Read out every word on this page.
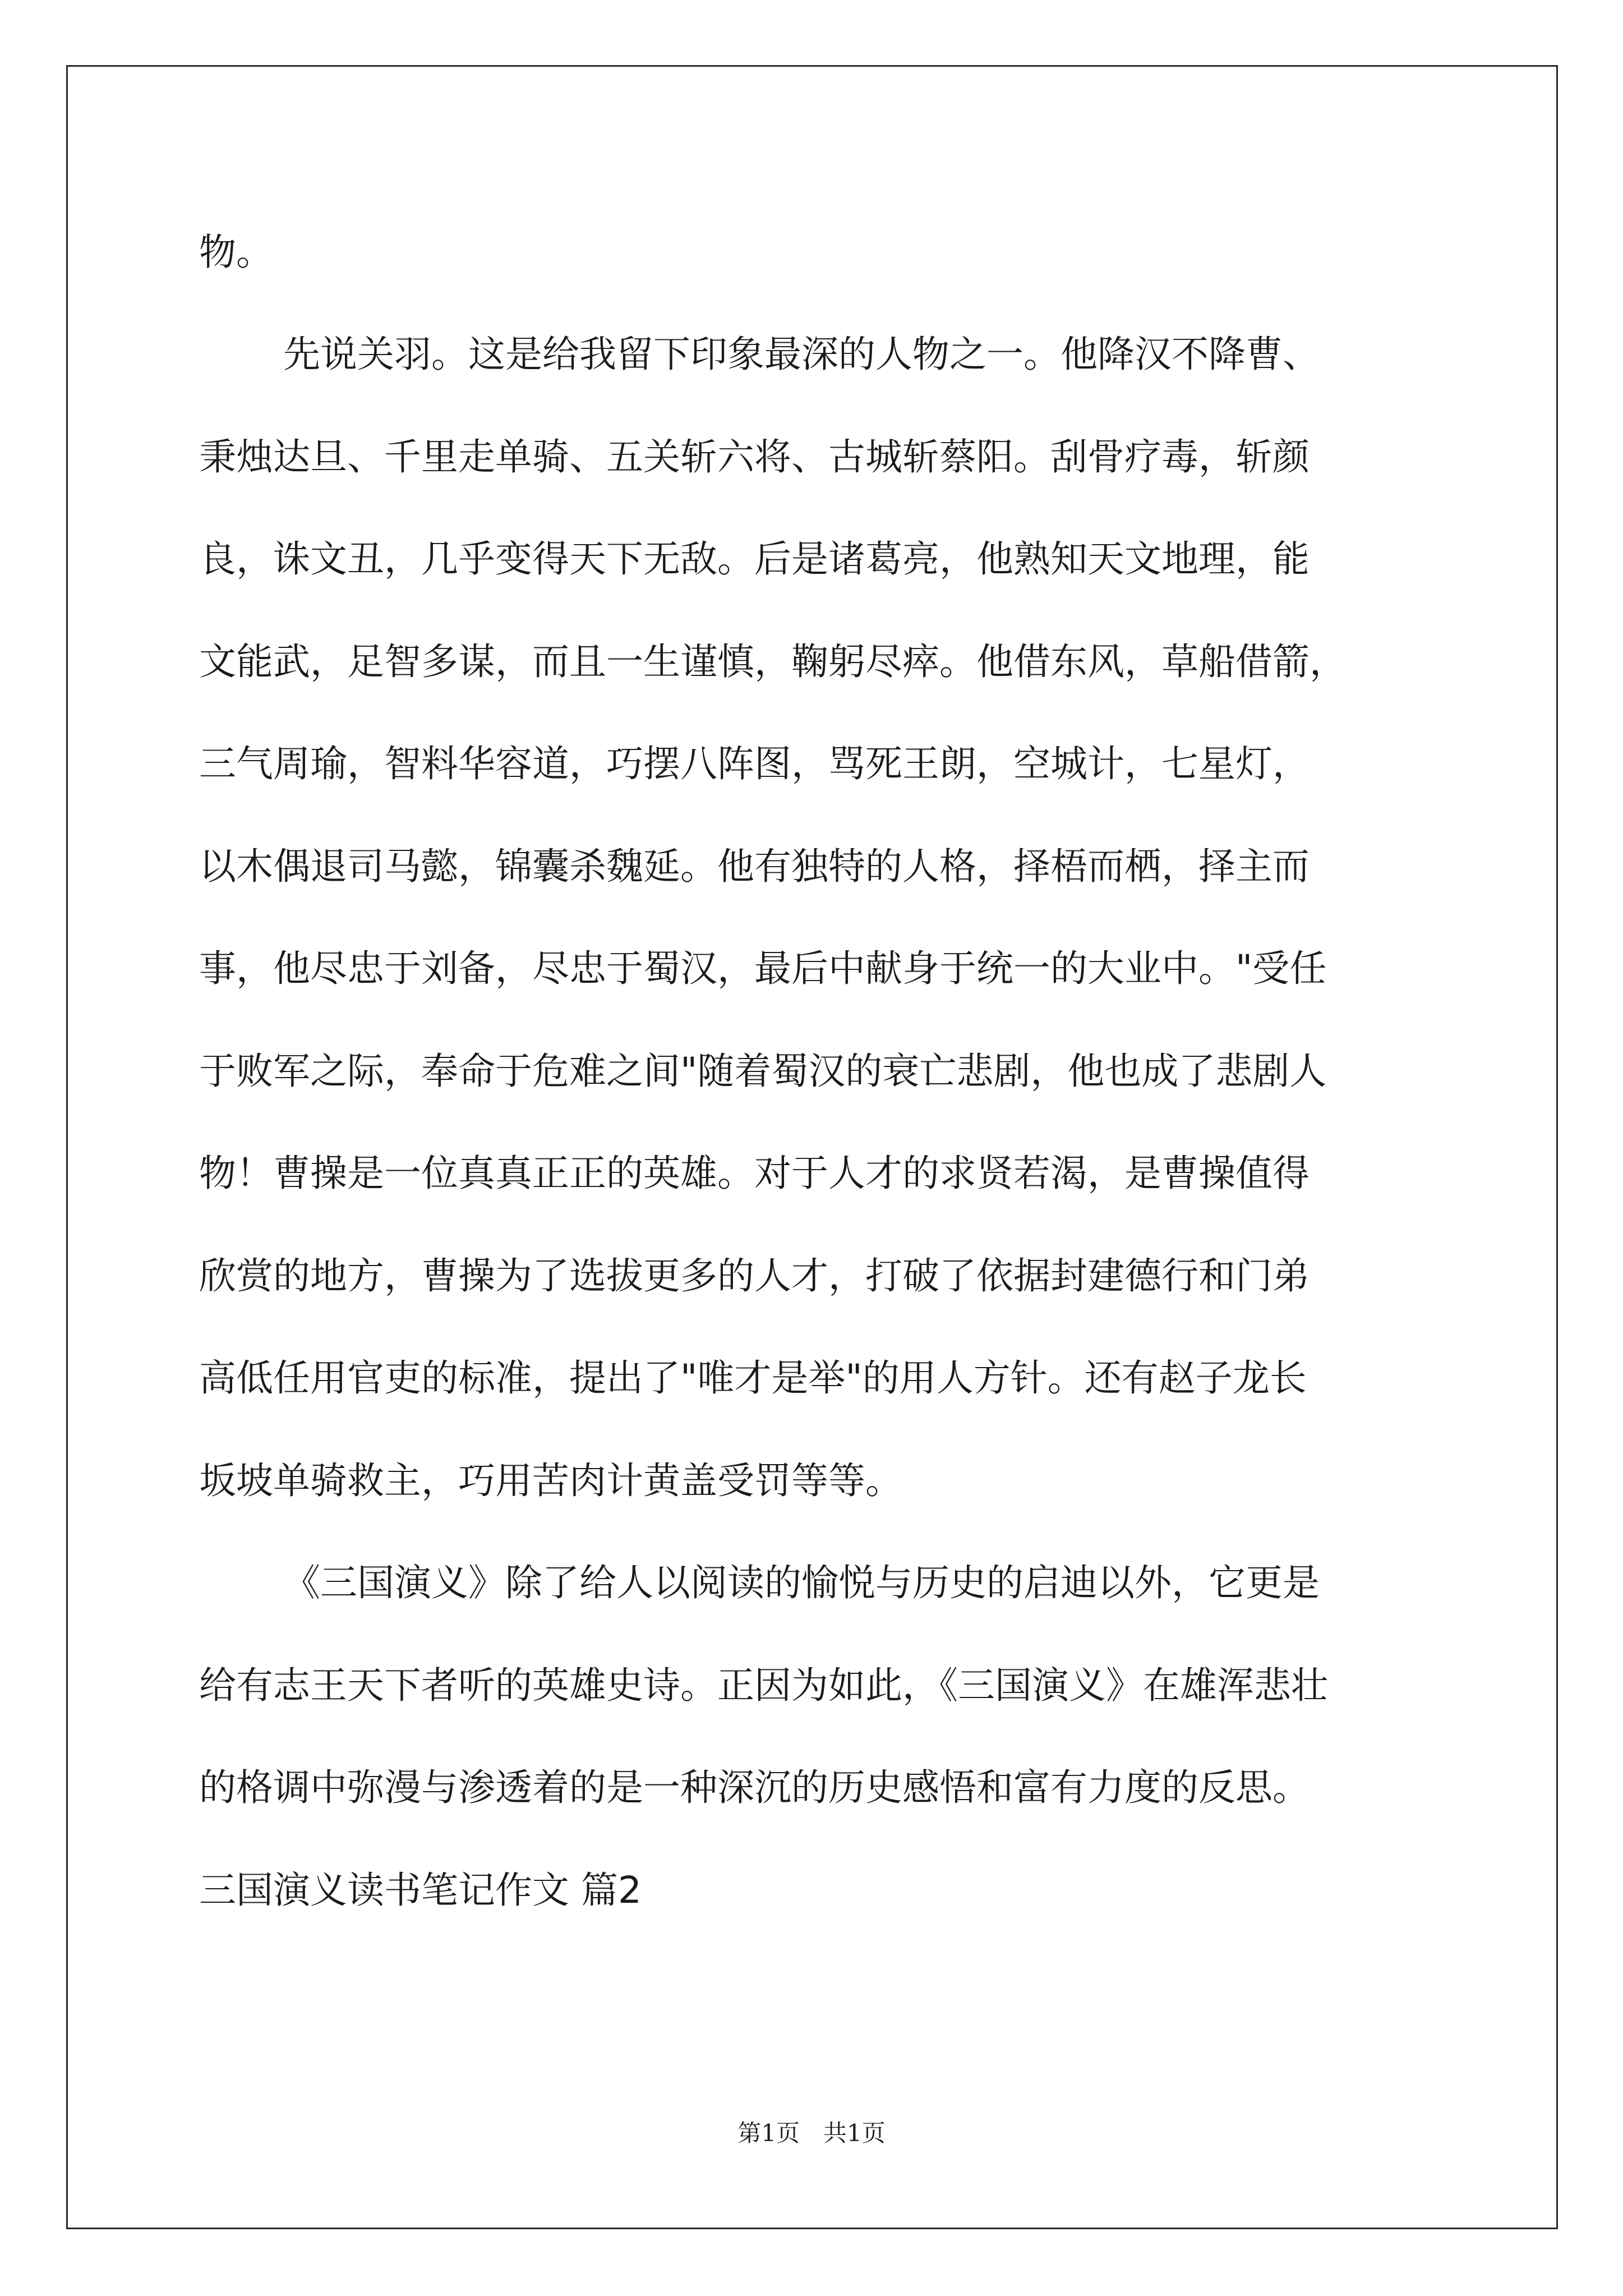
物。
先说关羽。这是给我留下印象最深的人物之一。他降汉不降曹、
秉烛达旦、千里走单骑、五关斩六将、古城斩蔡阳。刮骨疗毒，斩颜
良，诛文丑，几乎变得天下无敌。后是诸葛亮，他熟知天文地理，能
文能武，足智多谋，而且一生谨慎，鞠躬尽瘁。他借东风，草船借箭，
三气周瑜，智料华容道，巧摆八阵图，骂死王朗，空城计，七星灯，
以木偶退司马懿，锦囊杀魏延。他有独特的人格，择梧而栖，择主而
事，他尽忠于刘备，尽忠于蜀汉，最后中献身于统一的大业中。"受任
于败军之际，奉命于危难之间"随着蜀汉的衰亡悲剧，他也成了悲剧人
物！曹操是一位真真正正的英雄。对于人才的求贤若渴，是曹操值得
欣赏的地方，曹操为了选拔更多的人才，打破了依据封建德行和门弟
高低任用官吏的标准，提出了"唯才是举"的用人方针。还有赵子龙长
坂坡单骑救主，巧用苦肉计黄盖受罚等等。
《三国演义》除了给人以阅读的愉悦与历史的启迪以外，它更是
给有志王天下者听的英雄史诗。正因为如此，《三国演义》在雄浑悲壮
的格调中弥漫与渗透着的是一种深沉的历史感悟和富有力度的反思。
三国演义读书笔记作文 篇2
第1页　共1页
